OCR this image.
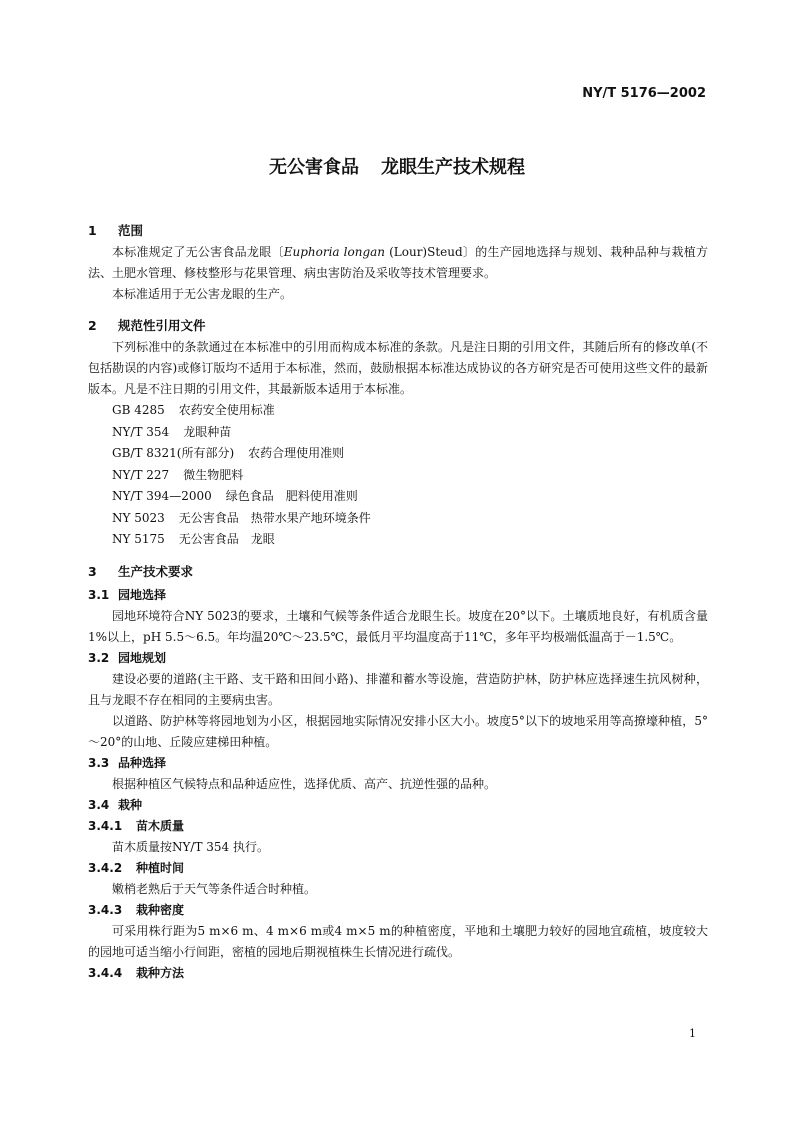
NY/T 5176—2002
无公害食品 龙眼生产技术规程
1 范围

本标准规定了无公害食品龙眼〔Euphoria longan (Lour)Steud〕的生产园地选择与规划、栽种品种与栽植方法、土肥水管理、修枝整形与花果管理、病虫害防治及采收等技术管理要求。

本标准适用于无公害龙眼的生产。

2 规范性引用文件

下列标准中的条款通过在本标准中的引用而构成本标准的条款。凡是注日期的引用文件，其随后所有的修改单(不包括勘误的内容)或修订版均不适用于本标准，然而，鼓励根据本标准达成协议的各方研究是否可使用这些文件的最新版本。凡是不注日期的引用文件，其最新版本适用于本标准。

GB 4285 农药安全使用标准
NY/T 354 龙眼种苗
GB/T 8321(所有部分) 农药合理使用准则
NY/T 227 微生物肥料
NY/T 394—2000 绿色食品　肥料使用准则
NY 5023 无公害食品　热带水果产地环境条件
NY 5175 无公害食品　龙眼
3 生产技术要求
3.1 园地选择

园地环境符合NY 5023的要求，土壤和气候等条件适合龙眼生长。坡度在20°以下。土壤质地良好，有机质含量1%以上，pH 5.5～6.5。年均温20℃～23.5℃，最低月平均温度高于11℃，多年平均极端低温高于－1.5℃。

3.2 园地规划

建设必要的道路(主干路、支干路和田间小路)、排灌和蓄水等设施，营造防护林，防护林应选择速生抗风树种，且与龙眼不存在相同的主要病虫害。

以道路、防护林等将园地划为小区，根据园地实际情况安排小区大小。坡度5°以下的坡地采用等高撩壕种植，5°～20°的山地、丘陵应建梯田种植。

3.3 品种选择

根据种植区气候特点和品种适应性，选择优质、高产、抗逆性强的品种。

3.4 栽种
3.4.1 苗木质量

苗木质量按NY/T 354 执行。

3.4.2 种植时间

嫩梢老熟后于天气等条件适合时种植。

3.4.3 栽种密度

可采用株行距为5 m×6 m、4 m×6 m或4 m×5 m的种植密度，平地和土壤肥力较好的园地宜疏植，坡度较大的园地可适当缩小行间距，密植的园地后期视植株生长情况进行疏伐。

3.4.4 栽种方法
1
